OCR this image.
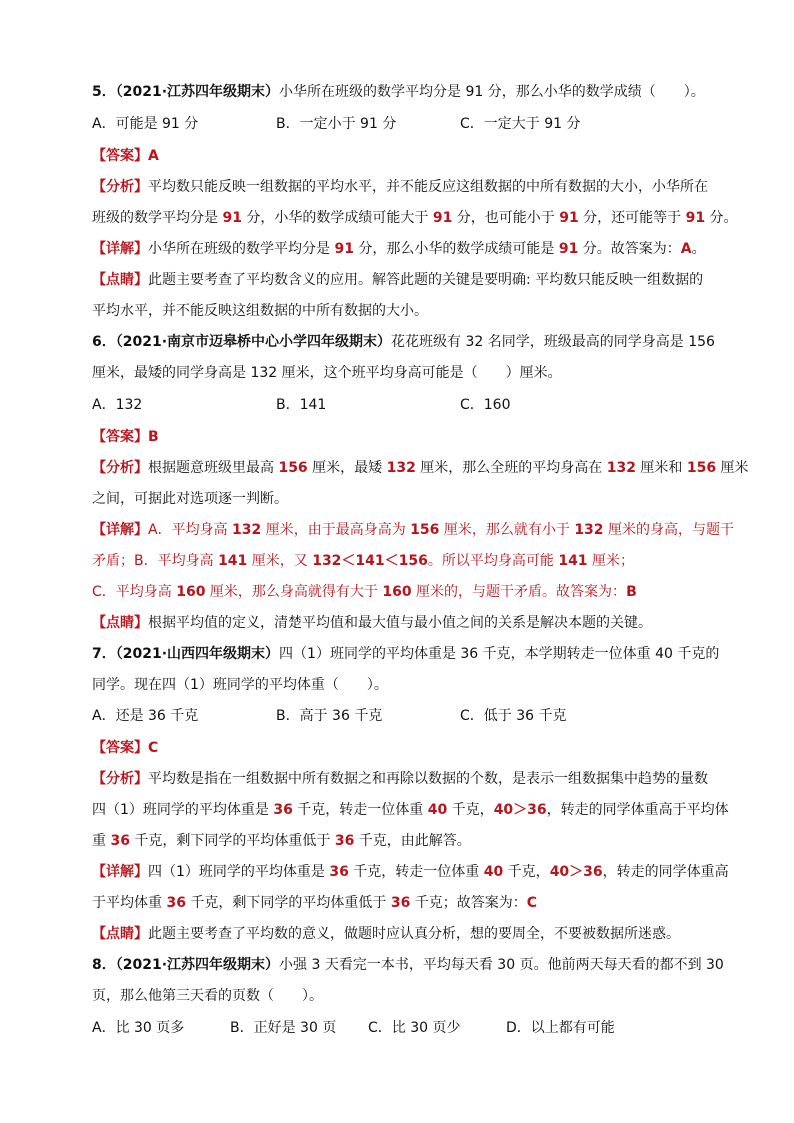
5．（2021·江苏四年级期末）小华所在班级的数学平均分是 91 分，那么小华的数学成绩（　　）。
A．可能是 91 分	B．一定小于 91 分	C．一定大于 91 分
【答案】A
【分析】平均数只能反映一组数据的平均水平，并不能反应这组数据的中所有数据的大小，小华所在
班级的数学平均分是 91 分，小华的数学成绩可能大于 91 分，也可能小于 91 分，还可能等于 91 分。
【详解】小华所在班级的数学平均分是 91 分，那么小华的数学成绩可能是 91 分。故答案为：A。
【点睛】此题主要考查了平均数含义的应用。解答此题的关键是要明确: 平均数只能反映一组数据的
平均水平，并不能反映这组数据的中所有数据的大小。
6．（2021·南京市迈皋桥中心小学四年级期末）花花班级有 32 名同学，班级最高的同学身高是 156
厘米，最矮的同学身高是 132 厘米，这个班平均身高可能是（　　）厘米。
A．132	B．141	C．160
【答案】B
【分析】根据题意班级里最高 156 厘米，最矮 132 厘米，那么全班的平均身高在 132 厘米和 156 厘米
之间，可据此对选项逐一判断。
【详解】A．平均身高 132 厘米，由于最高身高为 156 厘米，那么就有小于 132 厘米的身高，与题干
矛盾；B．平均身高 141 厘米，又 132＜141＜156。所以平均身高可能 141 厘米；
C．平均身高 160 厘米，那么身高就得有大于 160 厘米的，与题干矛盾。故答案为：B
【点睛】根据平均值的定义，清楚平均值和最大值与最小值之间的关系是解决本题的关键。
7．（2021·山西四年级期末）四（1）班同学的平均体重是 36 千克，本学期转走一位体重 40 千克的
同学。现在四（1）班同学的平均体重（　　）。
A．还是 36 千克	B．高于 36 千克	C．低于 36 千克
【答案】C
【分析】平均数是指在一组数据中所有数据之和再除以数据的个数，是表示一组数据集中趋势的量数
四（1）班同学的平均体重是 36 千克，转走一位体重 40 千克，40＞36，转走的同学体重高于平均体
重 36 千克，剩下同学的平均体重低于 36 千克，由此解答。
【详解】四（1）班同学的平均体重是 36 千克，转走一位体重 40 千克，40＞36，转走的同学体重高
于平均体重 36 千克，剩下同学的平均体重低于 36 千克；故答案为：C
【点睛】此题主要考查了平均数的意义，做题时应认真分析，想的要周全，不要被数据所迷惑。
8．（2021·江苏四年级期末）小强 3 天看完一本书，平均每天看 30 页。他前两天每天看的都不到 30
页，那么他第三天看的页数（　　）。
A．比 30 页多	B．正好是 30 页 C．比 30 页少	D．以上都有可能
